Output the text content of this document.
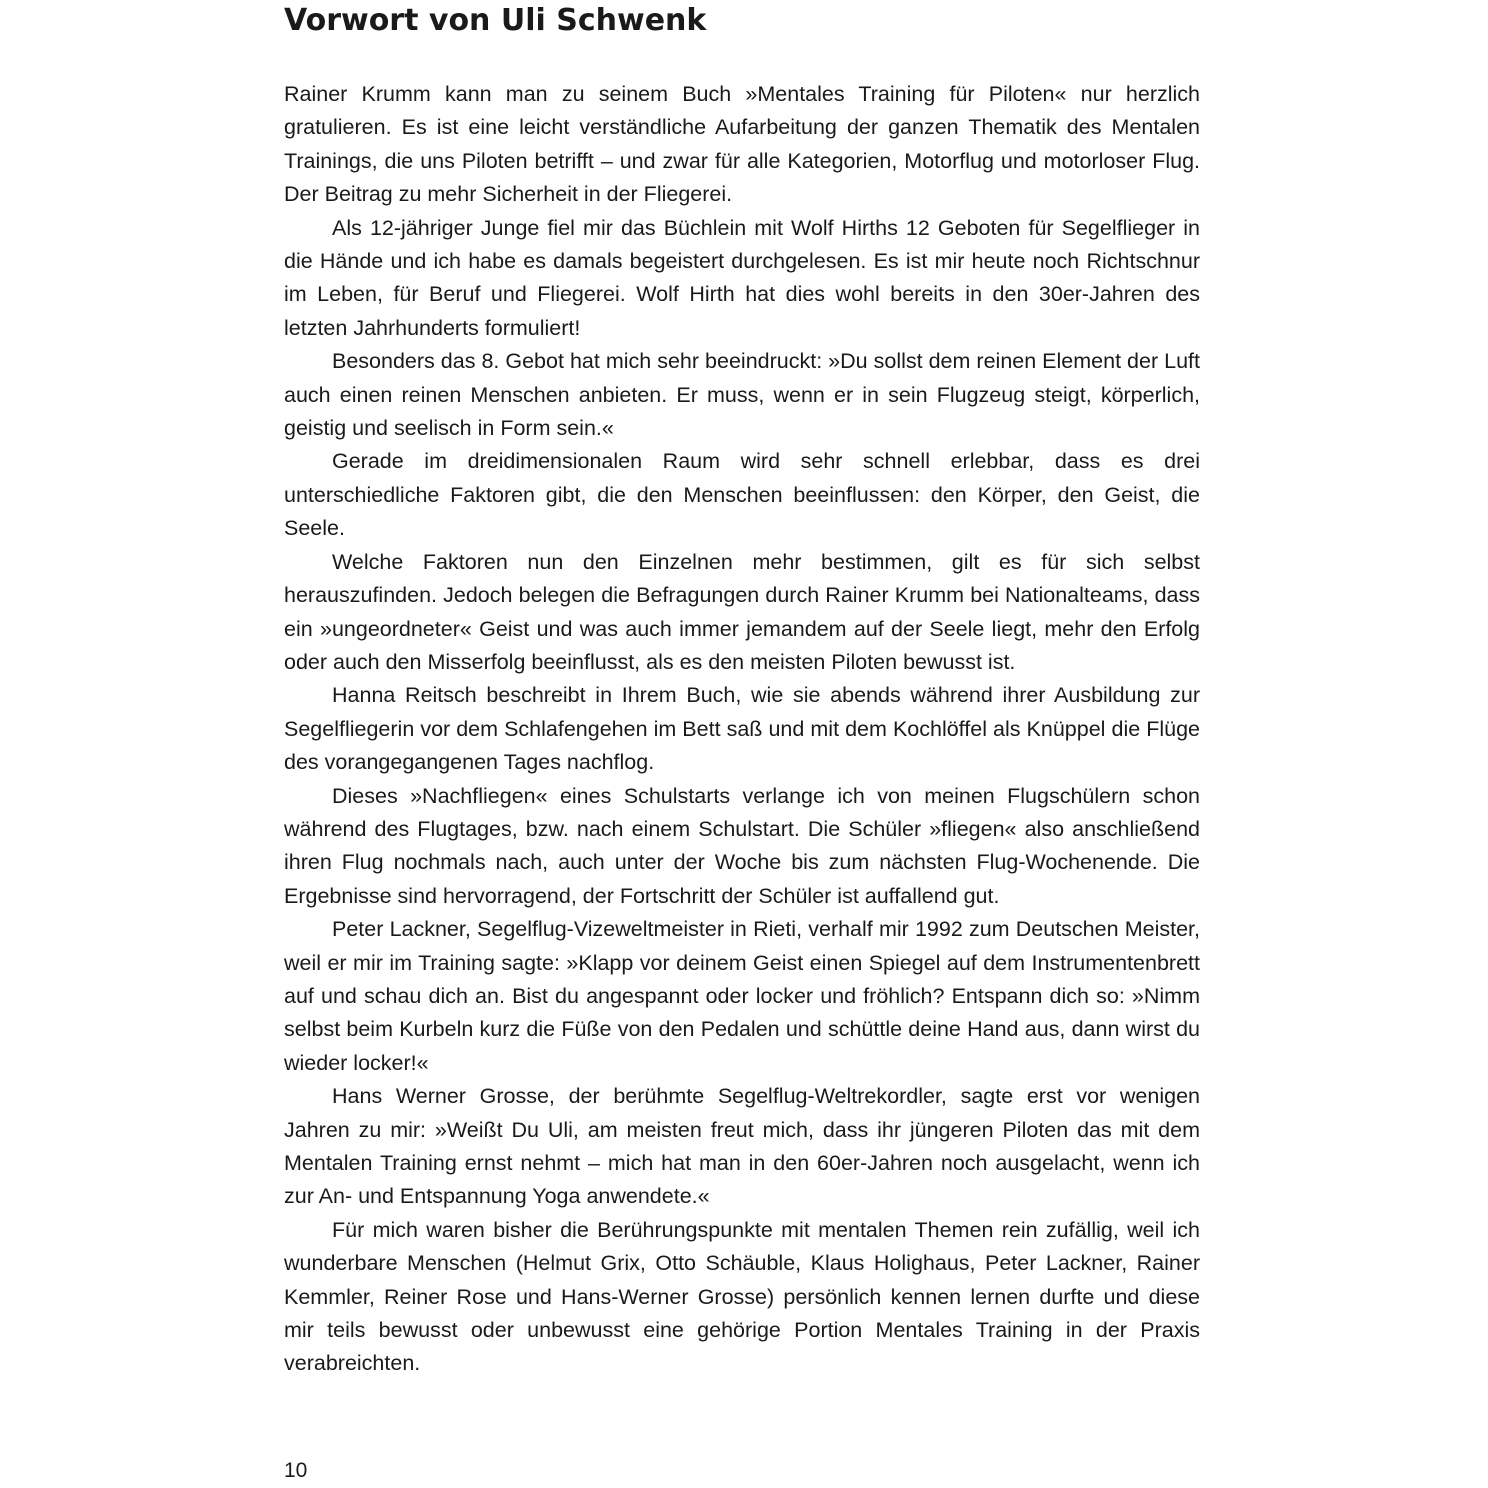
Vorwort von Uli Schwenk

Rainer Krumm kann man zu seinem Buch »Mentales Training für Piloten« nur herzlich gratulieren. Es ist eine leicht verständliche Aufarbeitung der ganzen Thematik des Mentalen Trainings, die uns Piloten betrifft – und zwar für alle Kategorien, Motorflug und motorloser Flug. Der Beitrag zu mehr Sicherheit in der Fliegerei.

Als 12-jähriger Junge fiel mir das Büchlein mit Wolf Hirths 12 Geboten für Segelflieger in die Hände und ich habe es damals begeistert durchgelesen. Es ist mir heute noch Richtschnur im Leben, für Beruf und Fliegerei. Wolf Hirth hat dies wohl bereits in den 30er-Jahren des letzten Jahrhunderts formuliert!

Besonders das 8. Gebot hat mich sehr beeindruckt: »Du sollst dem reinen Element der Luft auch einen reinen Menschen anbieten. Er muss, wenn er in sein Flugzeug steigt, körperlich, geistig und seelisch in Form sein.«

Gerade im dreidimensionalen Raum wird sehr schnell erlebbar, dass es drei unterschiedliche Faktoren gibt, die den Menschen beeinflussen: den Körper, den Geist, die Seele.

Welche Faktoren nun den Einzelnen mehr bestimmen, gilt es für sich selbst herauszufinden. Jedoch belegen die Befragungen durch Rainer Krumm bei Nationalteams, dass ein »ungeordneter« Geist und was auch immer jemandem auf der Seele liegt, mehr den Erfolg oder auch den Misserfolg beeinflusst, als es den meisten Piloten bewusst ist.

Hanna Reitsch beschreibt in Ihrem Buch, wie sie abends während ihrer Ausbildung zur Segelfliegerin vor dem Schlafengehen im Bett saß und mit dem Kochlöffel als Knüppel die Flüge des vorangegangenen Tages nachflog.

Dieses »Nachfliegen« eines Schulstarts verlange ich von meinen Flugschülern schon während des Flugtages, bzw. nach einem Schulstart. Die Schüler »fliegen« also anschließend ihren Flug nochmals nach, auch unter der Woche bis zum nächsten Flug-Wochenende. Die Ergebnisse sind hervorragend, der Fortschritt der Schüler ist auffallend gut.

Peter Lackner, Segelflug-Vizeweltmeister in Rieti, verhalf mir 1992 zum Deutschen Meister, weil er mir im Training sagte: »Klapp vor deinem Geist einen Spiegel auf dem Instrumentenbrett auf und schau dich an. Bist du angespannt oder locker und fröhlich? Entspann dich so: »Nimm selbst beim Kurbeln kurz die Füße von den Pedalen und schüttle deine Hand aus, dann wirst du wieder locker!«

Hans Werner Grosse, der berühmte Segelflug-Weltrekordler, sagte erst vor wenigen Jahren zu mir: »Weißt Du Uli, am meisten freut mich, dass ihr jüngeren Piloten das mit dem Mentalen Training ernst nehmt – mich hat man in den 60er-Jahren noch ausgelacht, wenn ich zur An- und Entspannung Yoga anwendete.«

Für mich waren bisher die Berührungspunkte mit mentalen Themen rein zufällig, weil ich wunderbare Menschen (Helmut Grix, Otto Schäuble, Klaus Holighaus, Peter Lackner, Rainer Kemmler, Reiner Rose und Hans-Werner Grosse) persönlich kennen lernen durfte und diese mir teils bewusst oder unbewusst eine gehörige Portion Mentales Training in der Praxis verabreichten.

10
